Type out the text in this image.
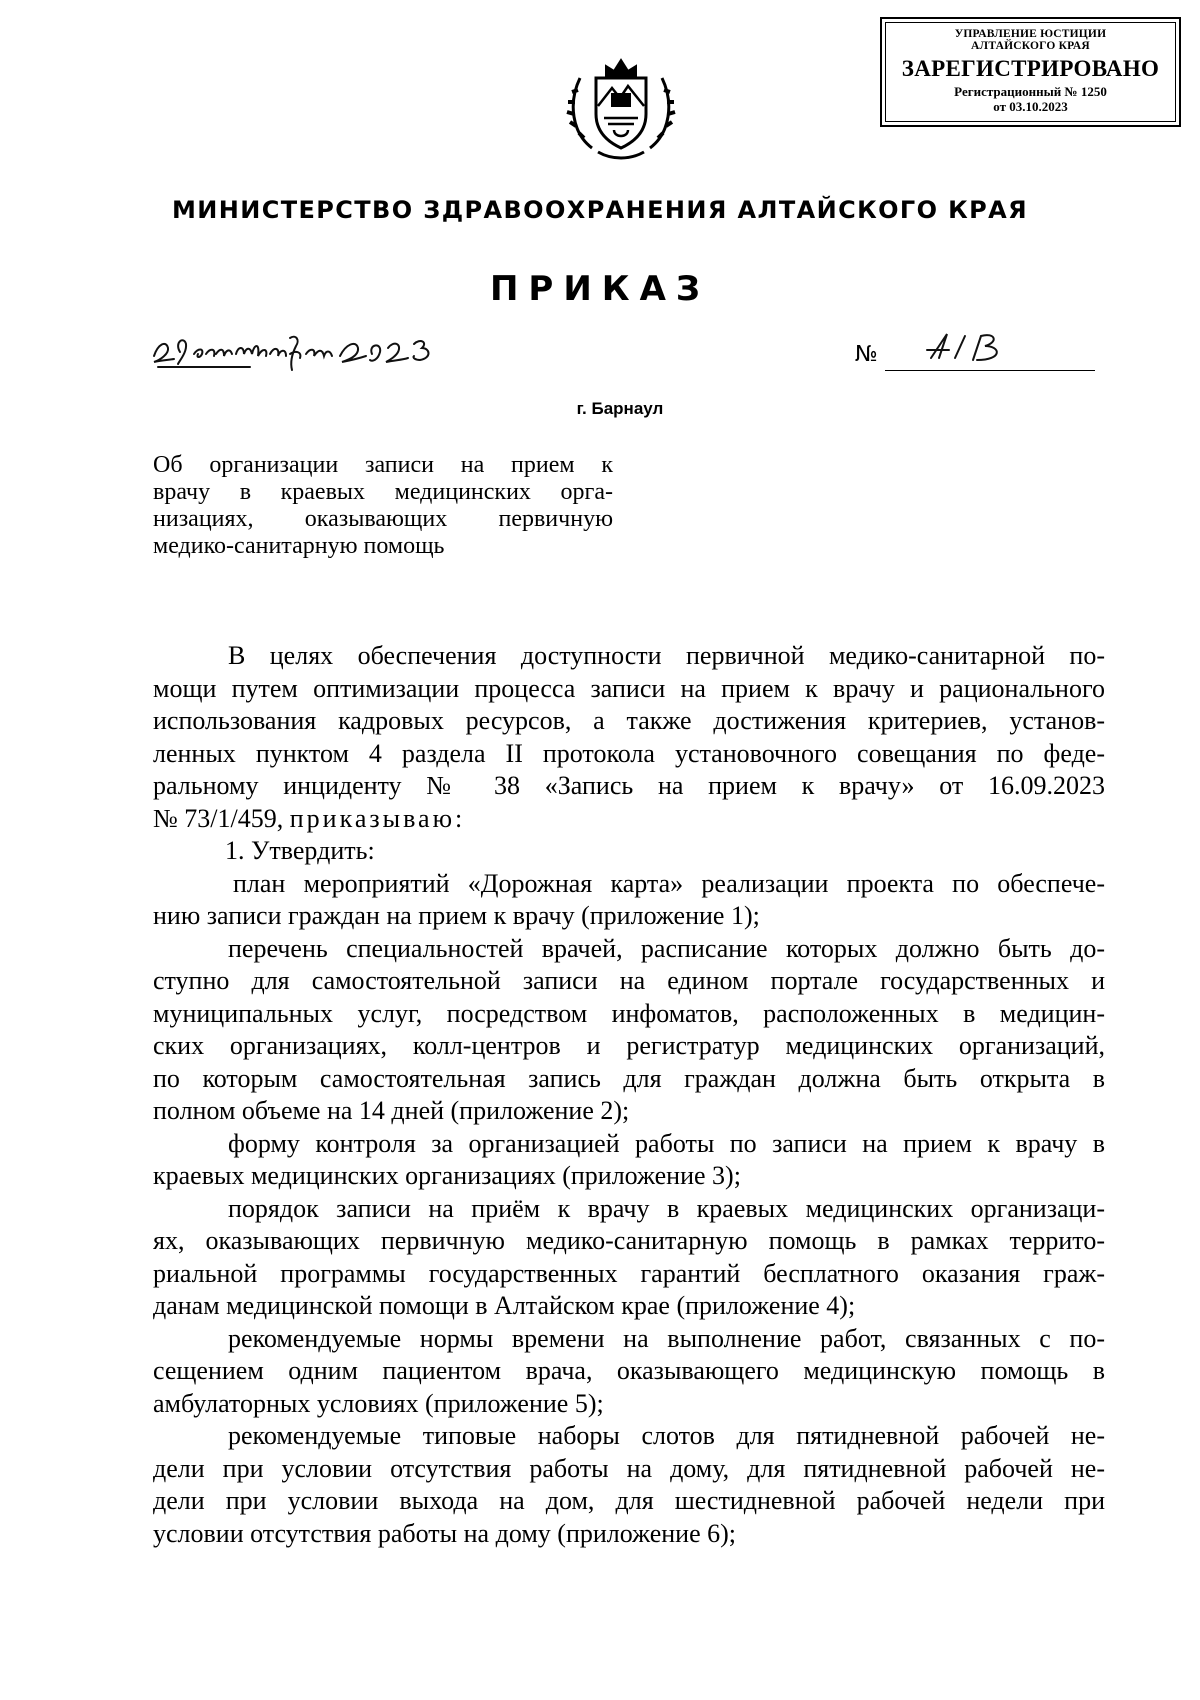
УПРАВЛЕНИЕ ЮСТИЦИИ
АЛТАЙСКОГО КРАЯ
ЗАРЕГИСТРИРОВАНО
Регистрационный № 1250
от 03.10.2023
МИНИСТЕРСТВО ЗДРАВООХРАНЕНИЯ АЛТАЙСКОГО КРАЯ
ПРИКАЗ
№
г. Барнаул
Об организации записи на прием к
врачу в краевых медицинских орга-
низациях, оказывающих первичную
медико-санитарную помощь
В целях обеспечения доступности первичной медико-санитарной по-
мощи путем оптимизации процесса записи на прием к врачу и рационального
использования кадровых ресурсов, а также достижения критериев, установ-
ленных пунктом 4 раздела II протокола установочного совещания по феде-
ральному инциденту № 38 «Запись на прием к врачу» от 16.09.2023
№ 73/1/459, приказываю:
1. Утвердить:
план мероприятий «Дорожная карта» реализации проекта по обеспече-
нию записи граждан на прием к врачу (приложение 1);
перечень специальностей врачей, расписание которых должно быть до-
ступно для самостоятельной записи на едином портале государственных и
муниципальных услуг, посредством инфоматов, расположенных в медицин-
ских организациях, колл-центров и регистратур медицинских организаций,
по которым самостоятельная запись для граждан должна быть открыта в
полном объеме на 14 дней (приложение 2);
форму контроля за организацией работы по записи на прием к врачу в
краевых медицинских организациях (приложение 3);
порядок записи на приём к врачу в краевых медицинских организаци-
ях, оказывающих первичную медико-санитарную помощь в рамках террито-
риальной программы государственных гарантий бесплатного оказания граж-
данам медицинской помощи в Алтайском крае (приложение 4);
рекомендуемые нормы времени на выполнение работ, связанных с по-
сещением одним пациентом врача, оказывающего медицинскую помощь в
амбулаторных условиях (приложение 5);
рекомендуемые типовые наборы слотов для пятидневной рабочей не-
дели при условии отсутствия работы на дому, для пятидневной рабочей не-
дели при условии выхода на дом, для шестидневной рабочей недели при
условии отсутствия работы на дому (приложение 6);
